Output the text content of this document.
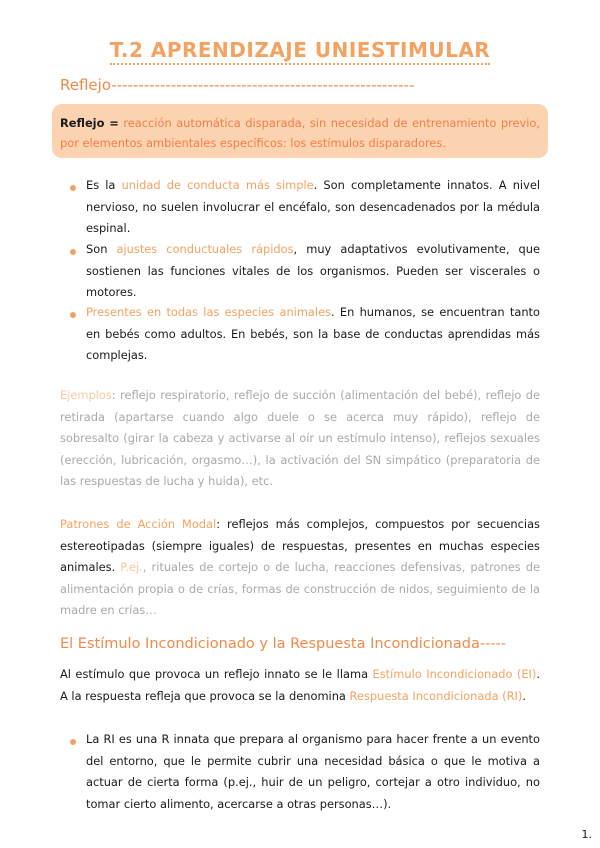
T.2 APRENDIZAJE UNIESTIMULAR
Reflejo--------------------------------------------------------

Reflejo = reacción automática disparada, sin necesidad de entrenamiento previo, por elementos ambientales específicos: los estímulos disparadores.

Es la unidad de conducta más simple. Son completamente innatos. A nivel nervioso, no suelen involucrar el encéfalo, son desencadenados por la médula espinal.

Son ajustes conductuales rápidos, muy adaptativos evolutivamente, que sostienen las funciones vitales de los organismos. Pueden ser viscerales o motores.

Presentes en todas las especies animales. En humanos, se encuentran tanto en bebés como adultos. En bebés, son la base de conductas aprendidas más complejas.

Ejemplos: reflejo respiratorio, reflejo de succión (alimentación del bebé), reflejo de retirada (apartarse cuando algo duele o se acerca muy rápido), reflejo de sobresalto (girar la cabeza y activarse al oír un estímulo intenso), reflejos sexuales (erección, lubricación, orgasmo…), la activación del SN simpático (preparatoria de las respuestas de lucha y huida), etc.

Patrones de Acción Modal: reflejos más complejos, compuestos por secuencias estereotipadas (siempre iguales) de respuestas, presentes en muchas especies animales. P.ej., rituales de cortejo o de lucha, reacciones defensivas, patrones de alimentación propia o de crías, formas de construcción de nidos, seguimiento de la madre en crías…

El Estímulo Incondicionado y la Respuesta Incondicionada-----

Al estímulo que provoca un reflejo innato se le llama Estímulo Incondicionado (EI). A la respuesta refleja que provoca se la denomina Respuesta Incondicionada (RI).

La RI es una R innata que prepara al organismo para hacer frente a un evento del entorno, que le permite cubrir una necesidad básica o que le motiva a actuar de cierta forma (p.ej., huir de un peligro, cortejar a otro individuo, no tomar cierto alimento, acercarse a otras personas…).

1.
